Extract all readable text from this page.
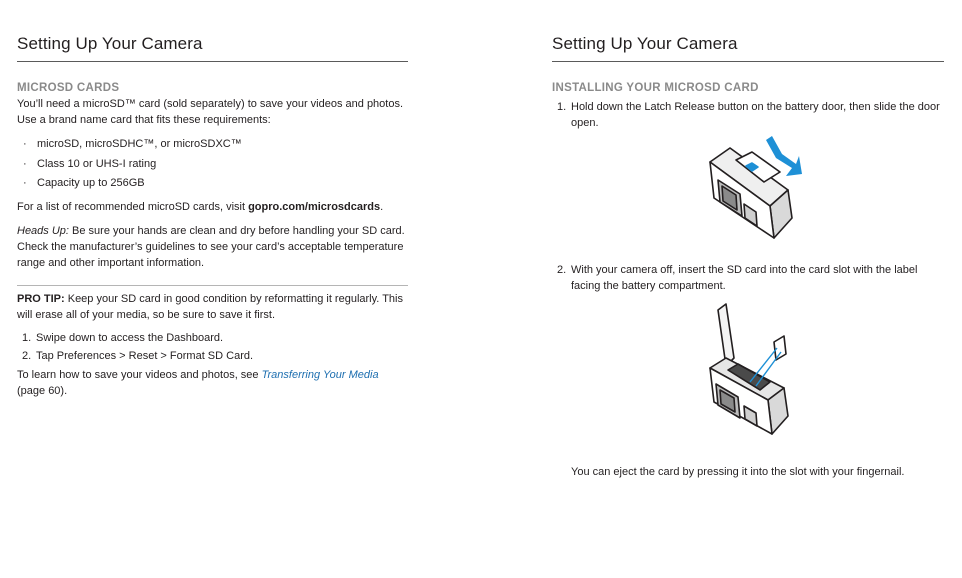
Setting Up Your Camera
MICROSD CARDS

You’ll need a microSD™ card (sold separately) to save your videos and photos. Use a brand name card that fits these requirements:

· microSD, microSDHC™, or microSDXC™
· Class 10 or UHS-I rating
· Capacity up to 256GB

For a list of recommended microSD cards, visit gopro.com/microsdcards.

Heads Up: Be sure your hands are clean and dry before handling your SD card. Check the manufacturer’s guidelines to see your card’s acceptable temperature range and other important information.

PRO TIP: Keep your SD card in good condition by reformatting it regularly. This will erase all of your media, so be sure to save it first.

1. Swipe down to access the Dashboard.
2. Tap Preferences > Reset > Format SD Card.

To learn how to save your videos and photos, see Transferring Your Media (page 60).

Setting Up Your Camera
INSTALLING YOUR MICROSD CARD
1. Hold down the Latch Release button on the battery door, then slide the door open.
2. With your camera off, insert the SD card into the card slot with the label facing the battery compartment.

You can eject the card by pressing it into the slot with your fingernail.
